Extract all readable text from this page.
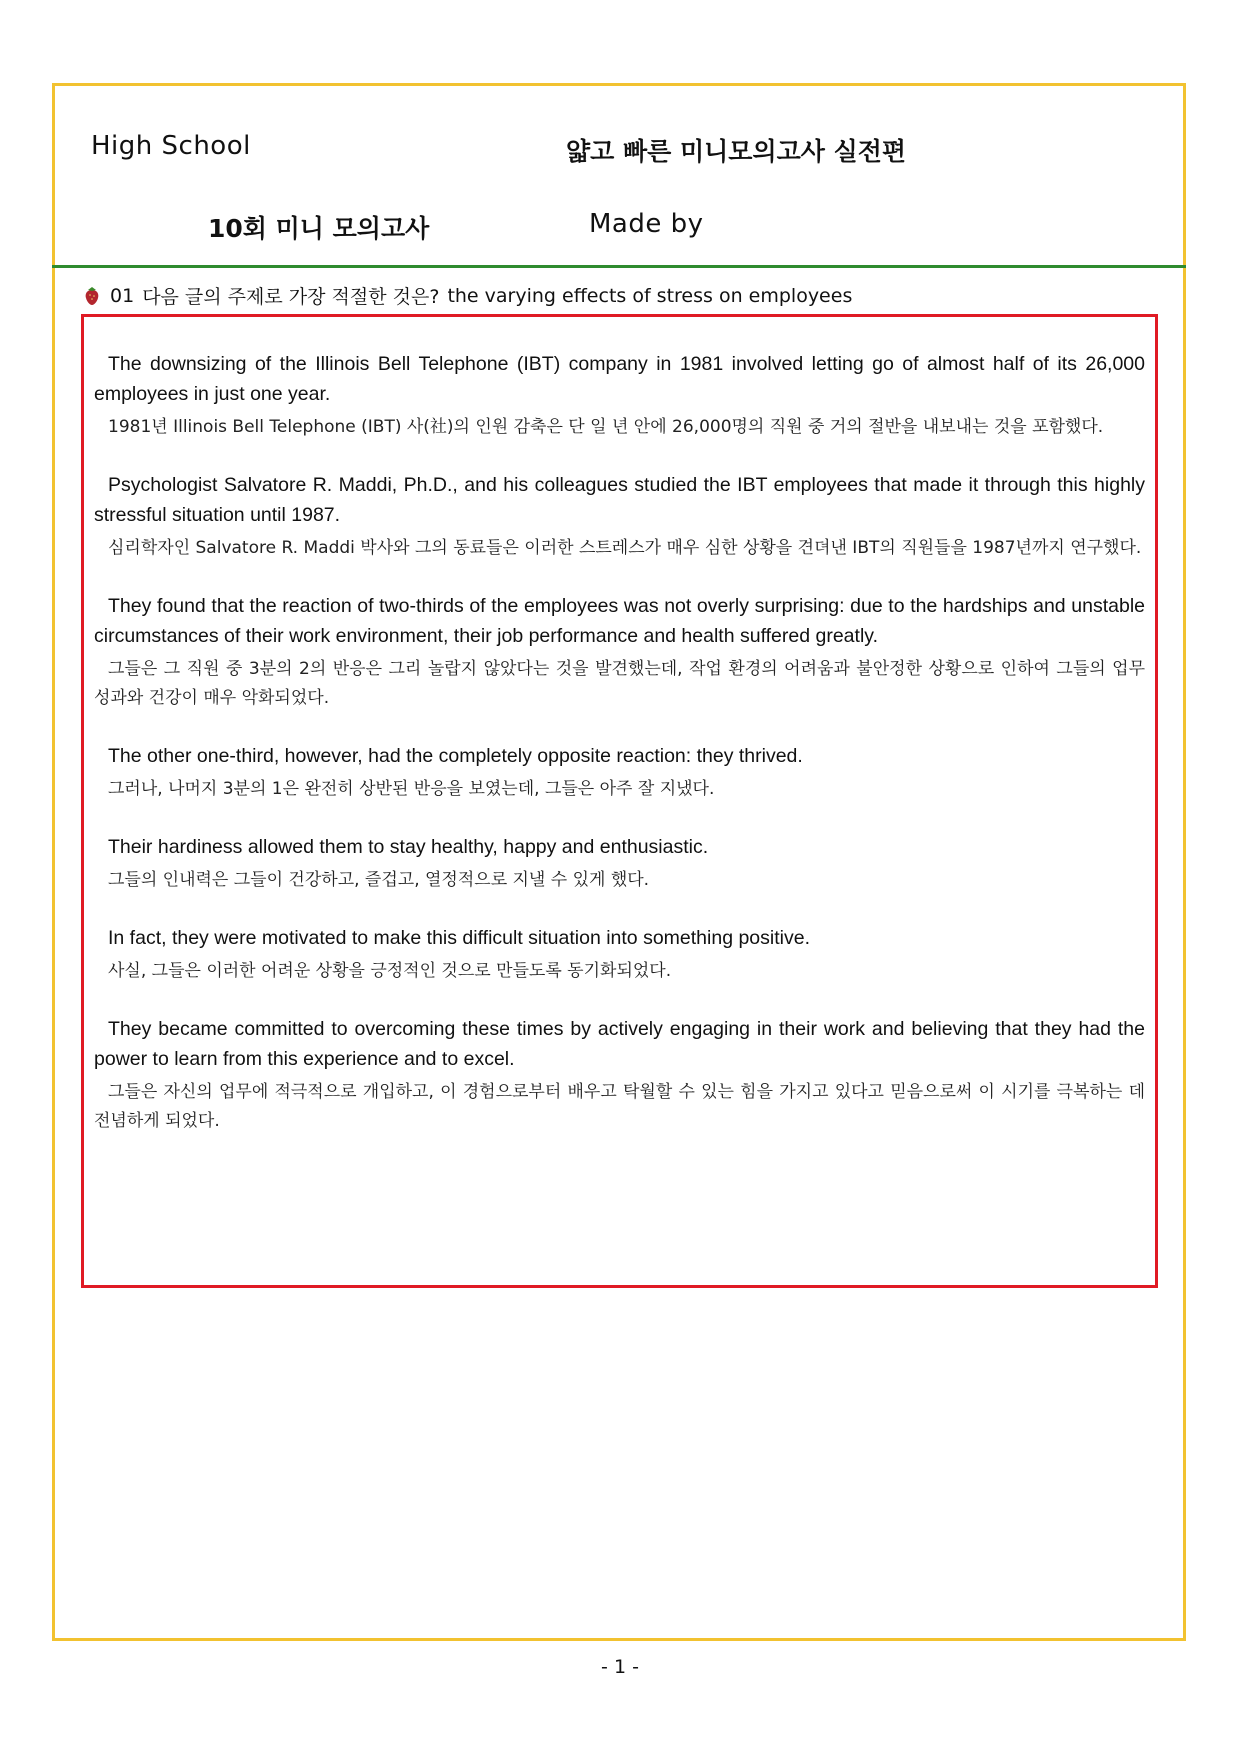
High School	얇고 빠른 미니모의고사 실전편
10회 미니 모의고사	Made by
01 다음 글의 주제로 가장 적절한 것은? the varying effects of stress on employees

The downsizing of the Illinois Bell Telephone (IBT) company in 1981 involved letting go of almost half of its 26,000 employees in just one year.

1981년 Illinois Bell Telephone (IBT) 사(社)의 인원 감축은 단 일 년 안에 26,000명의 직원 중 거의 절반을 내보내는 것을 포함했다.

Psychologist Salvatore R. Maddi, Ph.D., and his colleagues studied the IBT employees that made it through this highly stressful situation until 1987.

심리학자인 Salvatore R. Maddi 박사와 그의 동료들은 이러한 스트레스가 매우 심한 상황을 견뎌낸 IBT의 직원들을 1987년까지 연구했다.

They found that the reaction of two-thirds of the employees was not overly surprising: due to the hardships and unstable circumstances of their work environment, their job performance and health suffered greatly.

그들은 그 직원 중 3분의 2의 반응은 그리 놀랍지 않았다는 것을 발견했는데, 작업 환경의 어려움과 불안정한 상황으로 인하여 그들의 업무 성과와 건강이 매우 악화되었다.

The other one-third, however, had the completely opposite reaction: they thrived.

그러나, 나머지 3분의 1은 완전히 상반된 반응을 보였는데, 그들은 아주 잘 지냈다.

Their hardiness allowed them to stay healthy, happy and enthusiastic.

그들의 인내력은 그들이 건강하고, 즐겁고, 열정적으로 지낼 수 있게 했다.

In fact, they were motivated to make this difficult situation into something positive.

사실, 그들은 이러한 어려운 상황을 긍정적인 것으로 만들도록 동기화되었다.

They became committed to overcoming these times by actively engaging in their work and believing that they had the power to learn from this experience and to excel.

그들은 자신의 업무에 적극적으로 개입하고, 이 경험으로부터 배우고 탁월할 수 있는 힘을 가지고 있다고 믿음으로써 이 시기를 극복하는 데 전념하게 되었다.

- 1 -
